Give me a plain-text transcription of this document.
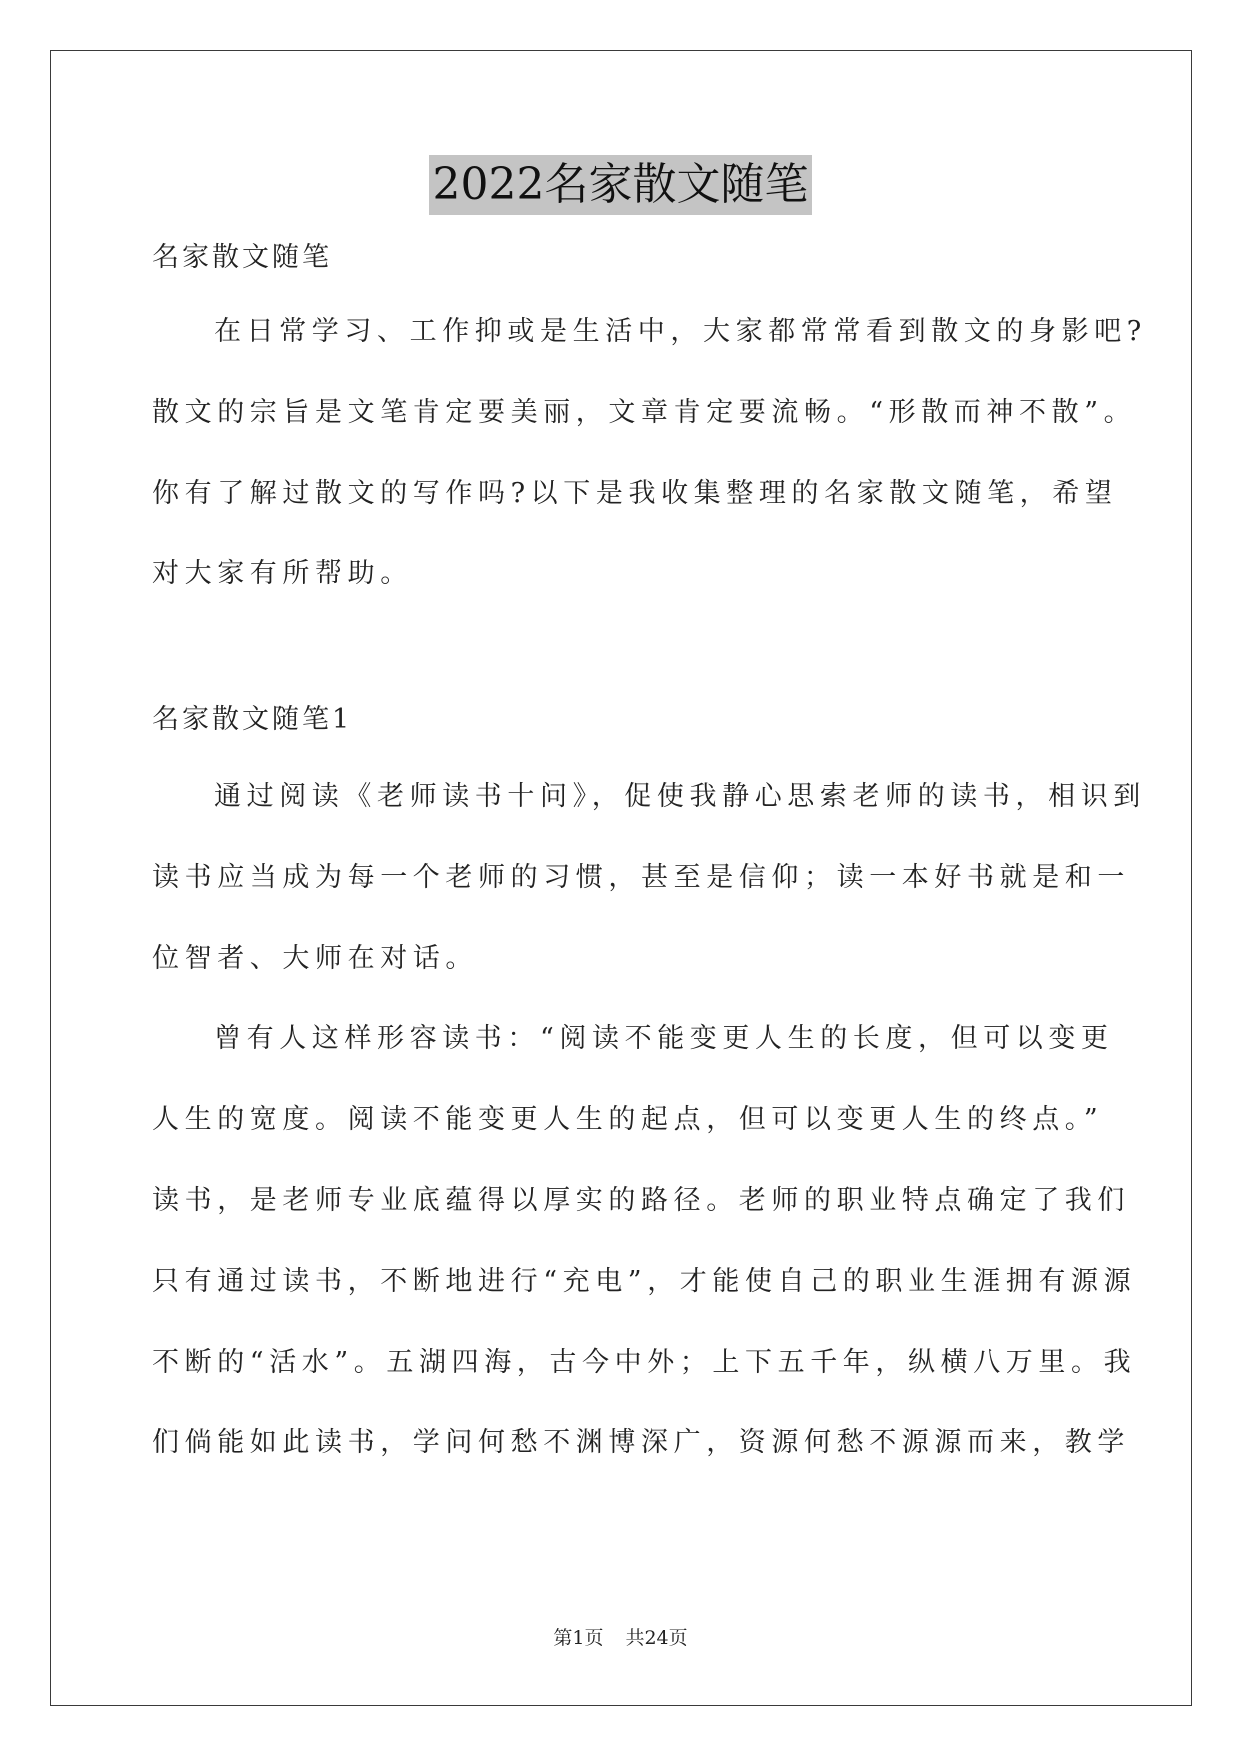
2022名家散文随笔
名家散文随笔
在日常学习、工作抑或是生活中，大家都常常看到散文的身影吧?
散文的宗旨是文笔肯定要美丽，文章肯定要流畅。“形散而神不散”。
你有了解过散文的写作吗?以下是我收集整理的名家散文随笔，希望
对大家有所帮助。
名家散文随笔1
通过阅读《老师读书十问》，促使我静心思索老师的读书，相识到
读书应当成为每一个老师的习惯，甚至是信仰；读一本好书就是和一
位智者、大师在对话。
曾有人这样形容读书：“阅读不能变更人生的长度，但可以变更
人生的宽度。阅读不能变更人生的起点，但可以变更人生的终点。”
读书，是老师专业底蕴得以厚实的路径。老师的职业特点确定了我们
只有通过读书，不断地进行“充电”，才能使自己的职业生涯拥有源源
不断的“活水”。五湖四海，古今中外；上下五千年，纵横八万里。我
们倘能如此读书，学问何愁不渊博深广，资源何愁不源源而来，教学
第1页 共24页
